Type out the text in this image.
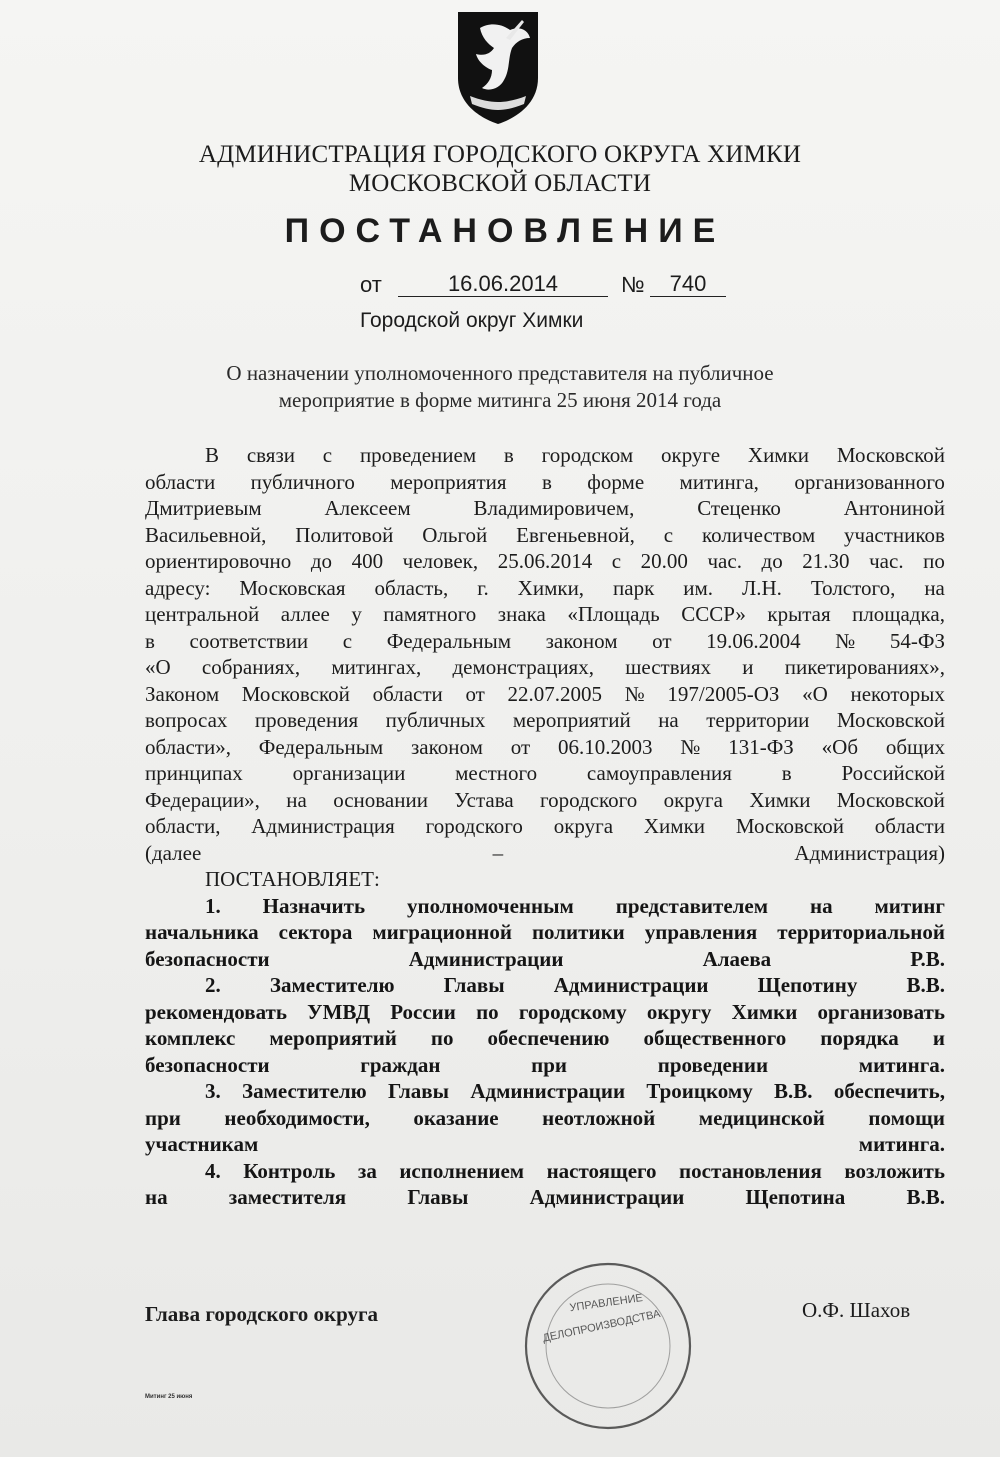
АДМИНИСТРАЦИЯ ГОРОДСКОГО ОКРУГА ХИМКИ
МОСКОВСКОЙ ОБЛАСТИ
ПОСТАНОВЛЕНИЕ
от	16.06.2014	№	740
Городской округ Химки
О назначении уполномоченного представителя на публичное
мероприятие в форме митинга 25 июня 2014 года
В связи с проведением в городском округе Химки Московской
области публичного мероприятия в форме митинга, организованного
Дмитриевым	Алексеем	Владимировичем,	Стеценко	Антониной
Васильевной, Политовой Ольгой Евгеньевной, с количеством участников
ориентировочно до 400 человек, 25.06.2014 с 20.00 час. до 21.30 час. по
адресу: Московская область, г. Химки, парк им. Л.Н. Толстого, на
центральной аллее у памятного знака «Площадь СССР» крытая площадка,
в соответствии с Федеральным законом от 19.06.2004 № 54-ФЗ
«О собраниях, митингах, демонстрациях, шествиях и пикетированиях»,
Законом Московской области от 22.07.2005 № 197/2005-ОЗ «О некоторых
вопросах проведения публичных мероприятий на территории Московской
области», Федеральным законом от 06.10.2003 № 131-ФЗ «Об общих
принципах организации местного самоуправления в Российской
Федерации», на основании Устава городского округа Химки Московской
области, Администрация городского округа Химки Московской области
(далее – Администрация)
ПОСТАНОВЛЯЕТ:
1. Назначить уполномоченным представителем на митинг
начальника сектора миграционной политики управления территориальной
безопасности Администрации Алаева Р.В.
2. Заместителю Главы Администрации Щепотину В.В.
рекомендовать УМВД России по городскому округу Химки организовать
комплекс мероприятий по обеспечению общественного порядка и
безопасности граждан при проведении митинга.
3. Заместителю Главы Администрации Троицкому В.В. обеспечить,
при необходимости, оказание неотложной медицинской помощи
участникам митинга.
4. Контроль за исполнением настоящего постановления возложить
на заместителя Главы Администрации Щепотина В.В.
Глава городского округа	О.Ф. Шахов
УПРАВЛЕНИЕ
ДЕЛОПРОИЗВОДСТВА
Митинг 25 июня
